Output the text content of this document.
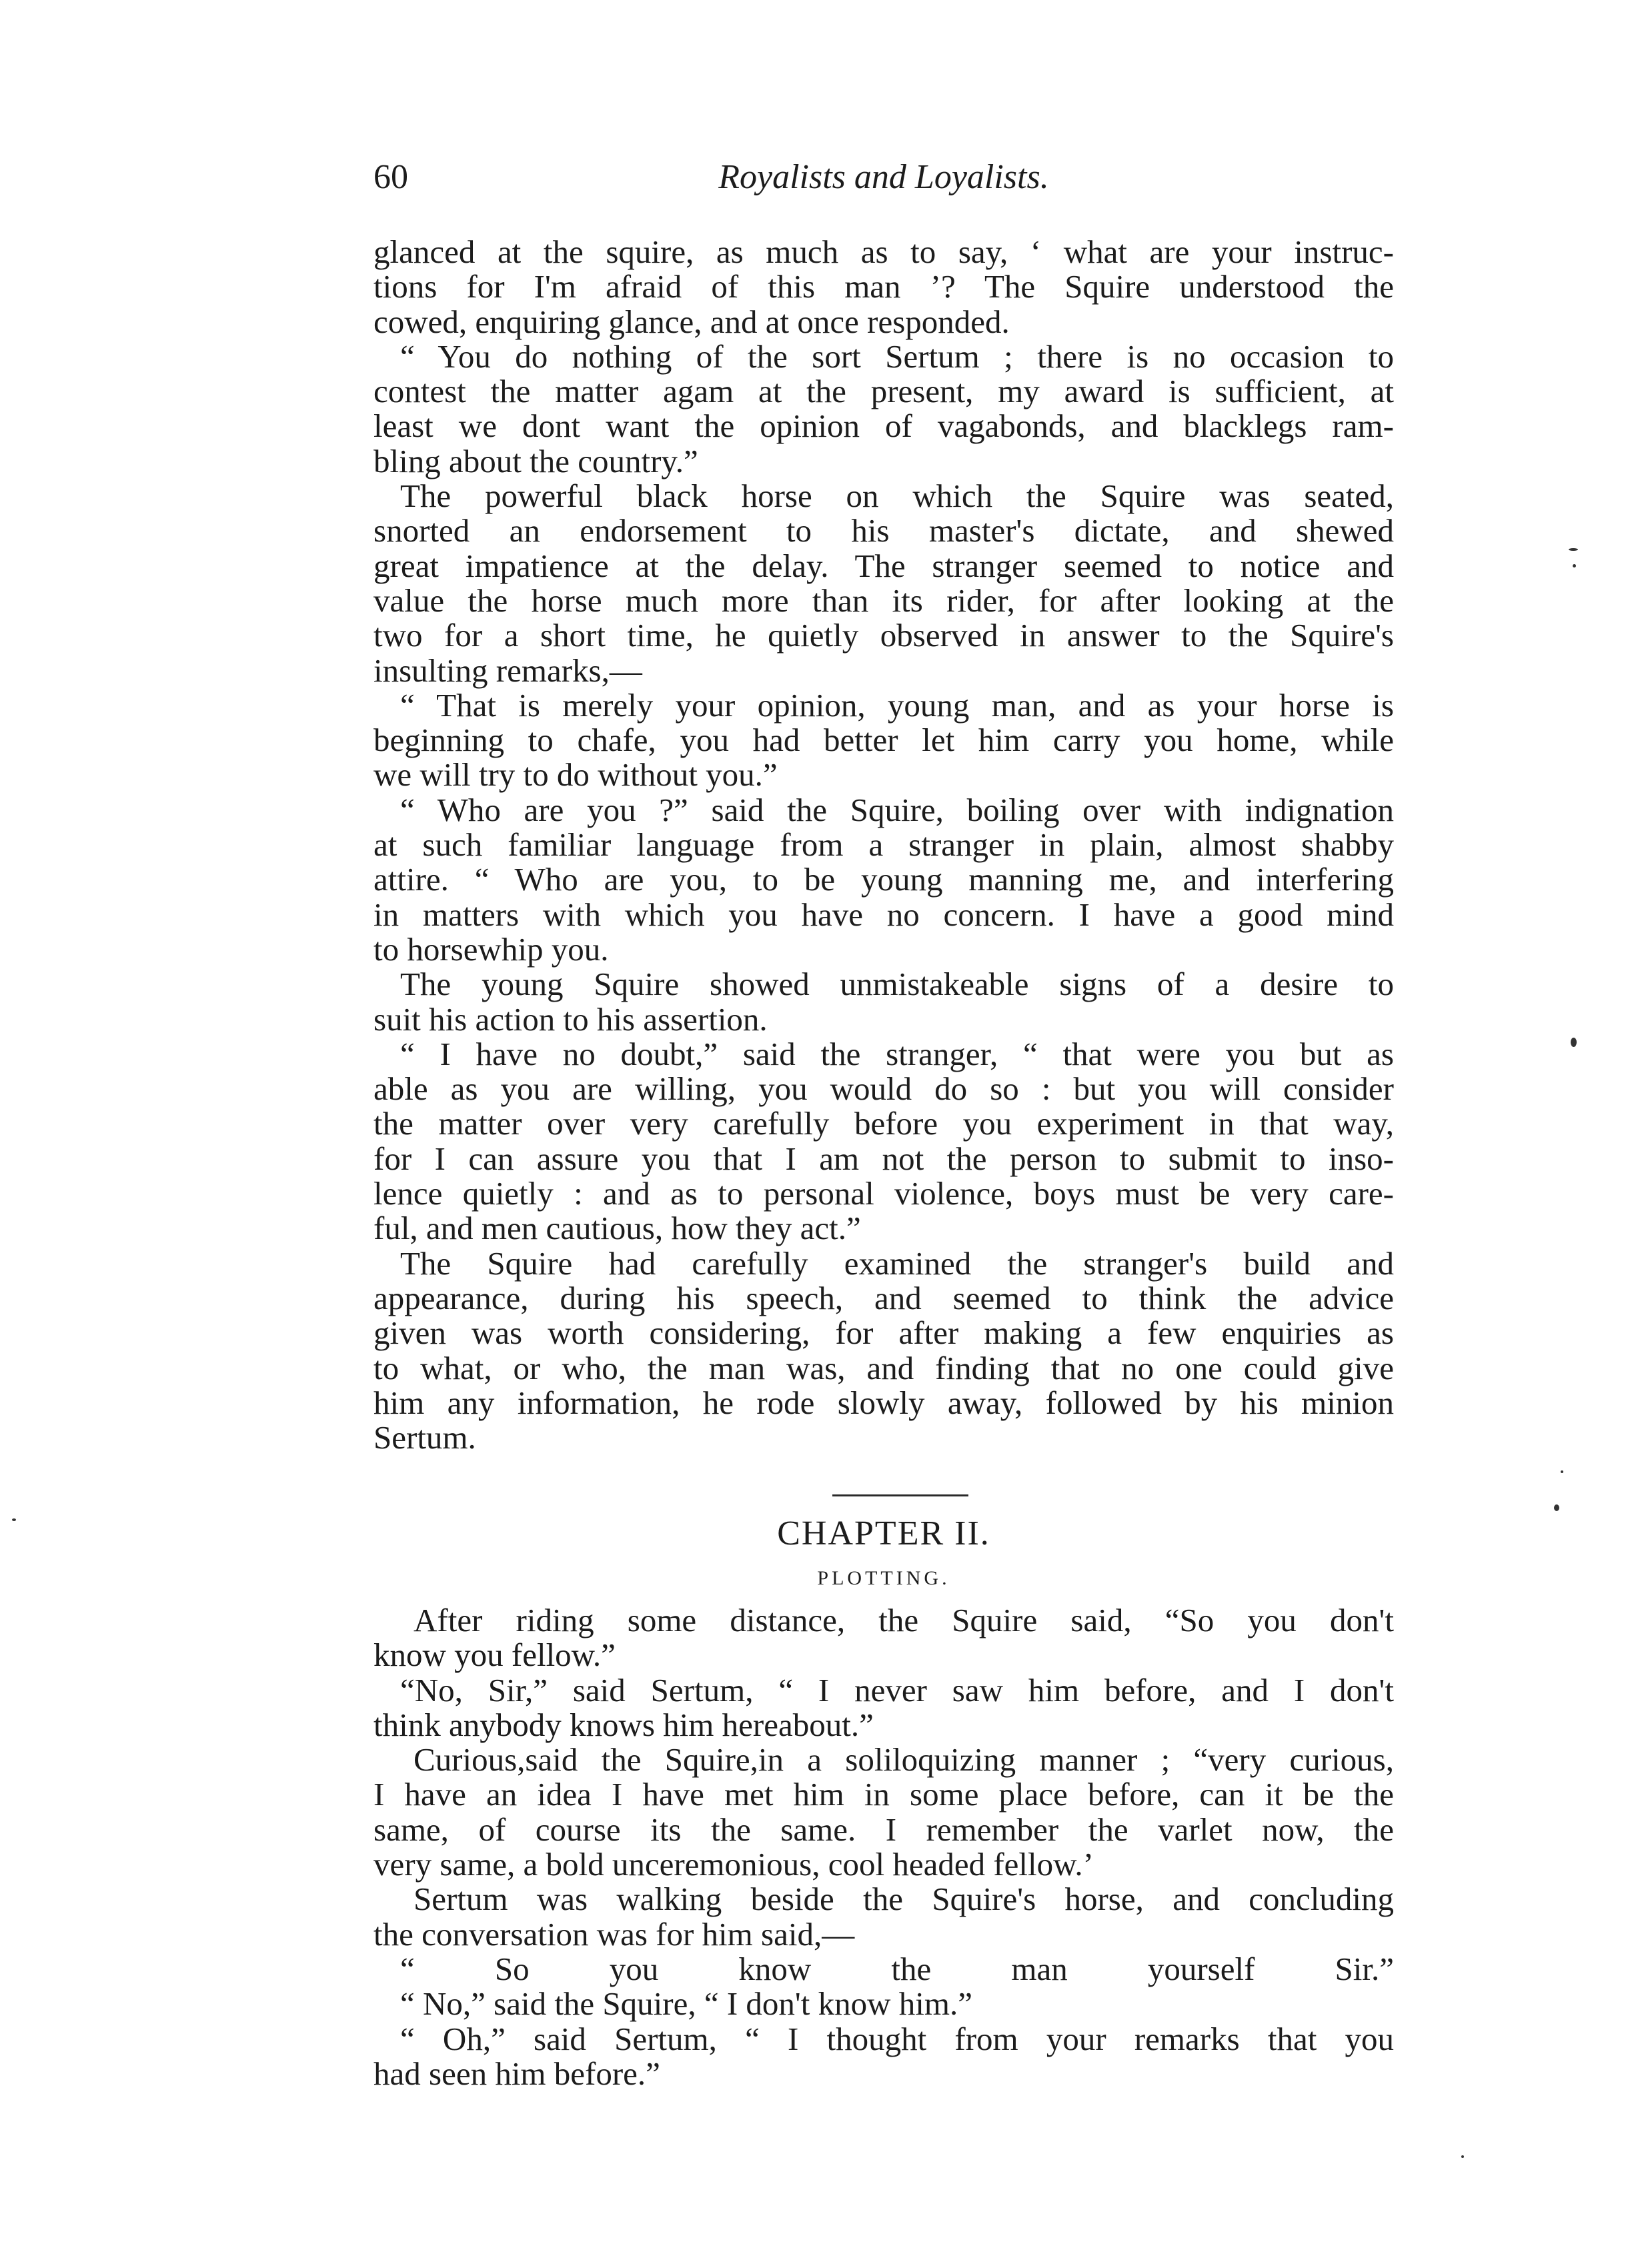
60	Royalists and Loyalists.
glanced at the squire, as much as to say, ‘ what are your instruc-
tions for I'm afraid of this man ’? The Squire understood the
cowed, enquiring glance, and at once responded.
“ You do nothing of the sort Sertum ; there is no occasion to
contest the matter agam at the present, my award is sufficient, at
least we dont want the opinion of vagabonds, and blacklegs ram-
bling about the country.”
The powerful black horse on which the Squire was seated,
snorted an endorsement to his master's dictate, and shewed
great impatience at the delay. The stranger seemed to notice and
value the horse much more than its rider, for after looking at the
two for a short time, he quietly observed in answer to the Squire's
insulting remarks,—
“ That is merely your opinion, young man, and as your horse is
beginning to chafe, you had better let him carry you home, while
we will try to do without you.”
“ Who are you ?” said the Squire, boiling over with indignation
at such familiar language from a stranger in plain, almost shabby
attire. “ Who are you, to be young manning me, and interfering
in matters with which you have no concern. I have a good mind
to horsewhip you.
The young Squire showed unmistakeable signs of a desire to
suit his action to his assertion.
“ I have no doubt,” said the stranger, “ that were you but as
able as you are willing, you would do so : but you will consider
the matter over very carefully before you experiment in that way,
for I can assure you that I am not the person to submit to inso-
lence quietly : and as to personal violence, boys must be very care-
ful, and men cautious, how they act.”
The Squire had carefully examined the stranger's build and
appearance, during his speech, and seemed to think the advice
given was worth considering, for after making a few enquiries as
to what, or who, the man was, and finding that no one could give
him any information, he rode slowly away, followed by his minion
Sertum.
CHAPTER II.
PLOTTING.
After riding some distance, the Squire said, “So you don't
know you fellow.”
“No, Sir,” said Sertum, “ I never saw him before, and I don't
think anybody knows him hereabout.”
Curious,said the Squire,in a soliloquizing manner ; “very curious,
I have an idea I have met him in some place before, can it be the
same, of course its the same. I remember the varlet now, the
very same, a bold unceremonious, cool headed fellow.’
Sertum was walking beside the Squire's horse, and concluding
the conversation was for him said,—
“ So you know the man yourself Sir.”
“ No,” said the Squire, “ I don't know him.”
“ Oh,” said Sertum, “ I thought from your remarks that you
had seen him before.”
